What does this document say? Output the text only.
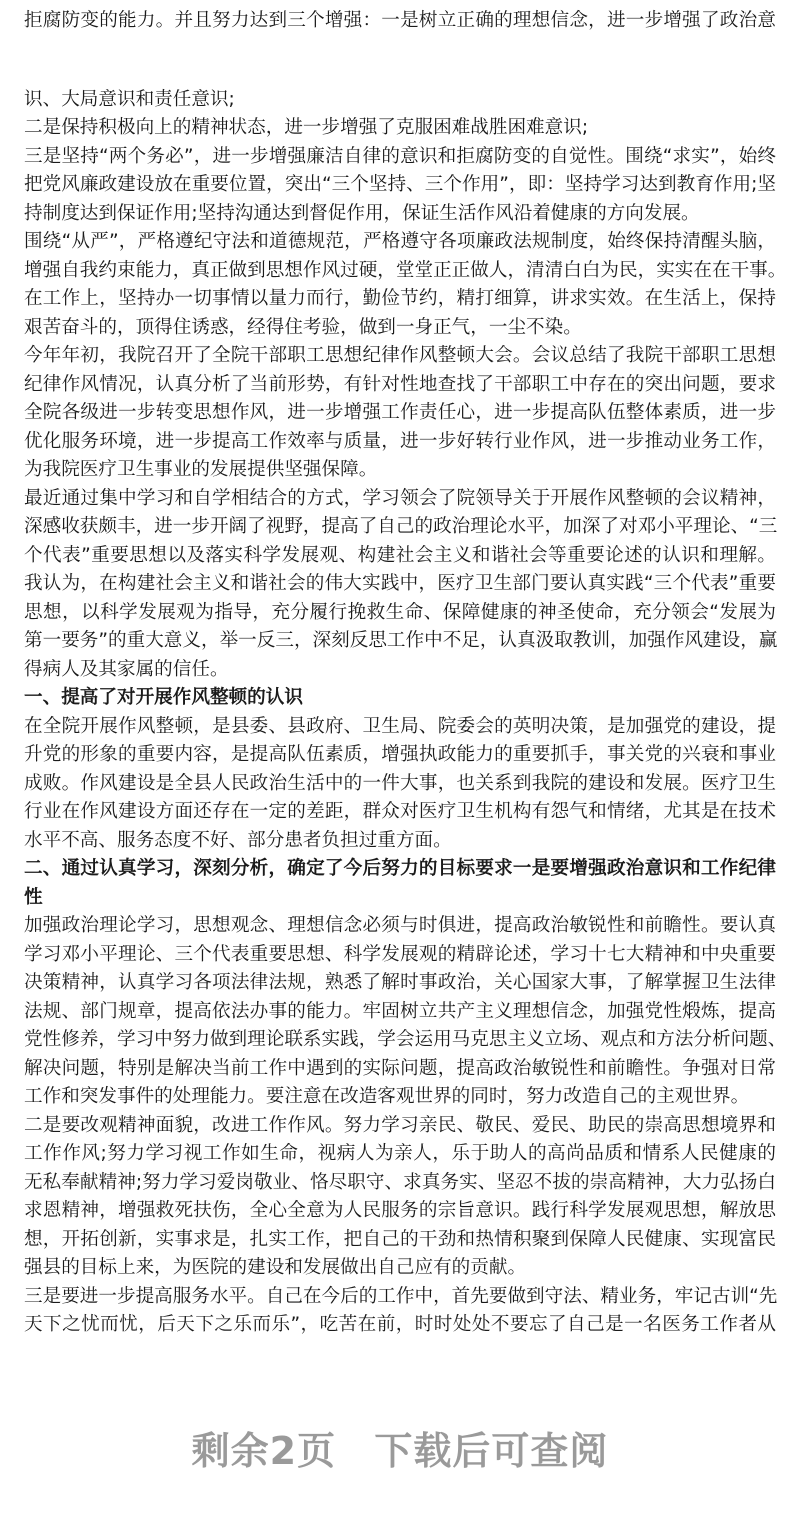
拒腐防变的能力。并且努力达到三个增强：一是树立正确的理想信念，进一步增强了政治意
识、大局意识和责任意识;
二是保持积极向上的精神状态，进一步增强了克服困难战胜困难意识;
三是坚持“两个务必”，进一步增强廉洁自律的意识和拒腐防变的自觉性。围绕“求实”，始终
把党风廉政建设放在重要位置，突出“三个坚持、三个作用”，即：坚持学习达到教育作用;坚
持制度达到保证作用;坚持沟通达到督促作用，保证生活作风沿着健康的方向发展。
围绕“从严”，严格遵纪守法和道德规范，严格遵守各项廉政法规制度，始终保持清醒头脑，
增强自我约束能力，真正做到思想作风过硬，堂堂正正做人，清清白白为民，实实在在干事。
在工作上，坚持办一切事情以量力而行，勤俭节约，精打细算，讲求实效。在生活上，保持
艰苦奋斗的，顶得住诱惑，经得住考验，做到一身正气，一尘不染。
今年年初，我院召开了全院干部职工思想纪律作风整顿大会。会议总结了我院干部职工思想
纪律作风情况，认真分析了当前形势，有针对性地查找了干部职工中存在的突出问题，要求
全院各级进一步转变思想作风，进一步增强工作责任心，进一步提高队伍整体素质，进一步
优化服务环境，进一步提高工作效率与质量，进一步好转行业作风，进一步推动业务工作，
为我院医疗卫生事业的发展提供坚强保障。
最近通过集中学习和自学相结合的方式，学习领会了院领导关于开展作风整顿的会议精神，
深感收获颇丰，进一步开阔了视野，提高了自己的政治理论水平，加深了对邓小平理论、“三
个代表”重要思想以及落实科学发展观、构建社会主义和谐社会等重要论述的认识和理解。
我认为，在构建社会主义和谐社会的伟大实践中，医疗卫生部门要认真实践“三个代表”重要
思想，以科学发展观为指导，充分履行挽救生命、保障健康的神圣使命，充分领会“发展为
第一要务”的重大意义，举一反三，深刻反思工作中不足，认真汲取教训，加强作风建设，赢
得病人及其家属的信任。
一、提高了对开展作风整顿的认识
在全院开展作风整顿，是县委、县政府、卫生局、院委会的英明决策，是加强党的建设，提
升党的形象的重要内容，是提高队伍素质，增强执政能力的重要抓手，事关党的兴衰和事业
成败。作风建设是全县人民政治生活中的一件大事，也关系到我院的建设和发展。医疗卫生
行业在作风建设方面还存在一定的差距，群众对医疗卫生机构有怨气和情绪，尤其是在技术
水平不高、服务态度不好、部分患者负担过重方面。
二、通过认真学习，深刻分析，确定了今后努力的目标要求一是要增强政治意识和工作纪律
性
加强政治理论学习，思想观念、理想信念必须与时俱进，提高政治敏锐性和前瞻性。要认真
学习邓小平理论、三个代表重要思想、科学发展观的精辟论述，学习十七大精神和中央重要
决策精神，认真学习各项法律法规，熟悉了解时事政治，关心国家大事，了解掌握卫生法律
法规、部门规章，提高依法办事的能力。牢固树立共产主义理想信念，加强党性煅炼，提高
党性修养，学习中努力做到理论联系实践，学会运用马克思主义立场、观点和方法分析问题、
解决问题，特别是解决当前工作中遇到的实际问题，提高政治敏锐性和前瞻性。争强对日常
工作和突发事件的处理能力。要注意在改造客观世界的同时，努力改造自己的主观世界。
二是要改观精神面貌，改进工作作风。努力学习亲民、敬民、爱民、助民的崇高思想境界和
工作作风;努力学习视工作如生命，视病人为亲人，乐于助人的高尚品质和情系人民健康的
无私奉献精神;努力学习爱岗敬业、恪尽职守、求真务实、坚忍不拔的崇高精神，大力弘扬白
求恩精神，增强救死扶伤，全心全意为人民服务的宗旨意识。践行科学发展观思想，解放思
想，开拓创新，实事求是，扎实工作，把自己的干劲和热情积聚到保障人民健康、实现富民
强县的目标上来，为医院的建设和发展做出自己应有的贡献。
三是要进一步提高服务水平。自己在今后的工作中，首先要做到守法、精业务，牢记古训“先
天下之忧而忧，后天下之乐而乐”，吃苦在前，时时处处不要忘了自己是一名医务工作者从
剩余2页 下载后可查阅
